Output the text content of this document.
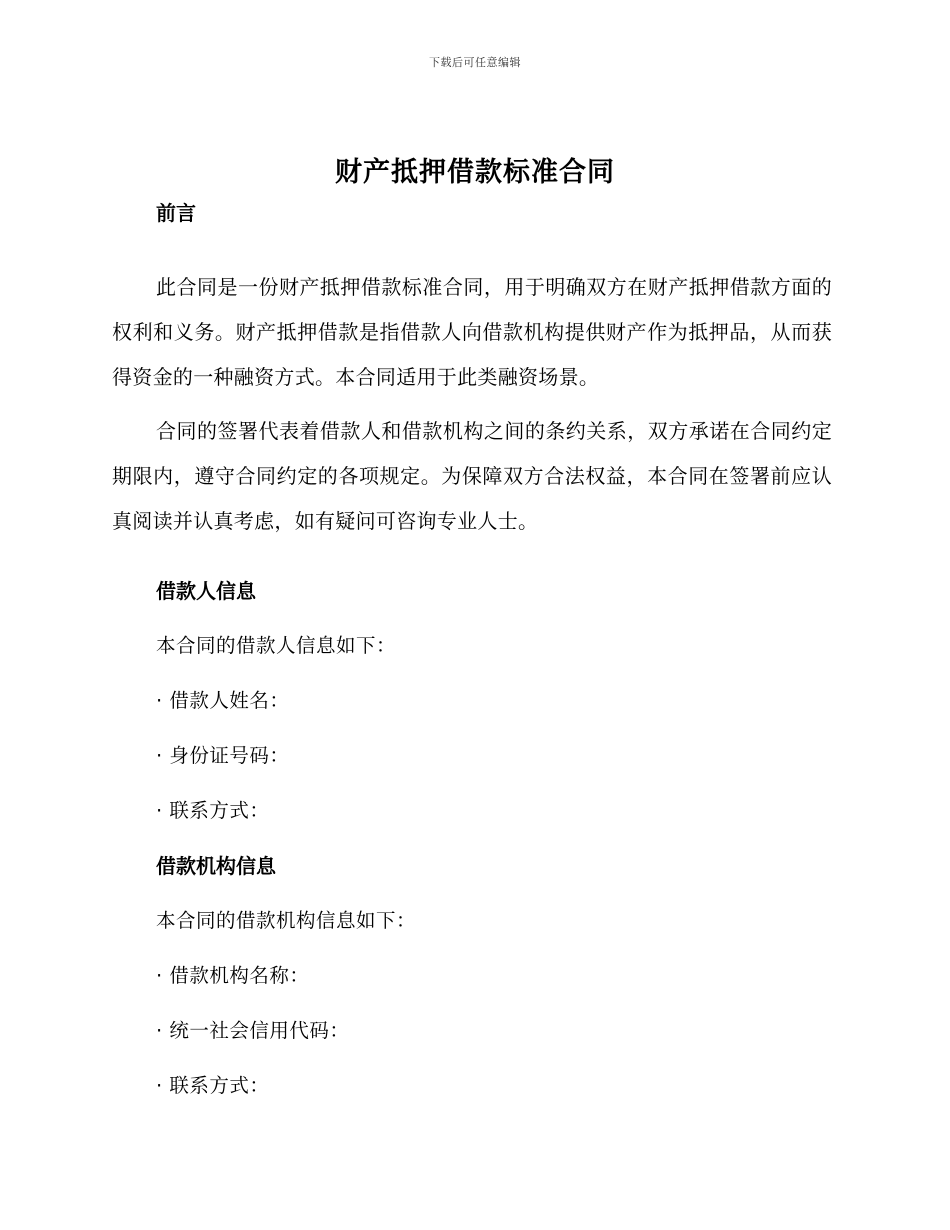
下载后可任意编辑
财产抵押借款标准合同

前言

此合同是一份财产抵押借款标准合同，用于明确双方在财产抵押借款方面的权利和义务。财产抵押借款是指借款人向借款机构提供财产作为抵押品，从而获得资金的一种融资方式。本合同适用于此类融资场景。

合同的签署代表着借款人和借款机构之间的条约关系，双方承诺在合同约定期限内，遵守合同约定的各项规定。为保障双方合法权益，本合同在签署前应认真阅读并认真考虑，如有疑问可咨询专业人士。

借款人信息

本合同的借款人信息如下：

· 借款人姓名：

· 身份证号码：

· 联系方式：

借款机构信息

本合同的借款机构信息如下：

· 借款机构名称：

· 统一社会信用代码：

· 联系方式：
